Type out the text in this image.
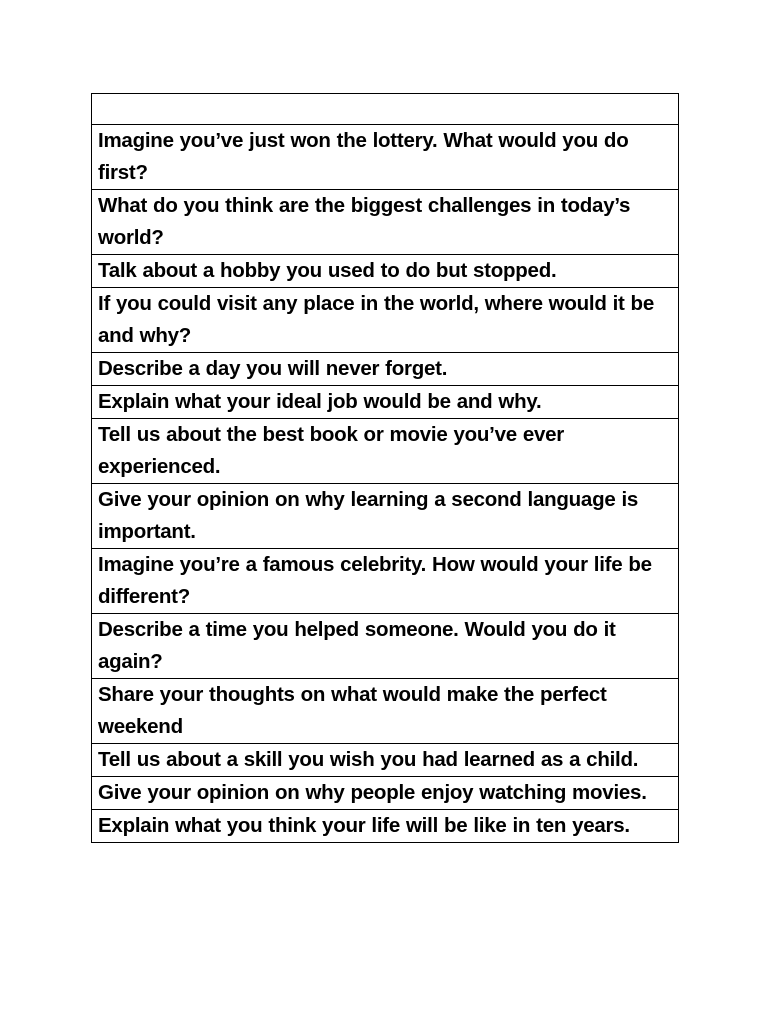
Imagine you’ve just won the lottery. What would you do first?
What do you think are the biggest challenges in today’s world?
Talk about a hobby you used to do but stopped.
If you could visit any place in the world, where would it be and why?
Describe a day you will never forget.
Explain what your ideal job would be and why.
Tell us about the best book or movie you’ve ever experienced.
Give your opinion on why learning a second language is important.
Imagine you’re a famous celebrity. How would your life be different?
Describe a time you helped someone. Would you do it again?
Share your thoughts on what would make the perfect weekend
Tell us about a skill you wish you had learned as a child.
Give your opinion on why people enjoy watching movies.
Explain what you think your life will be like in ten years.
